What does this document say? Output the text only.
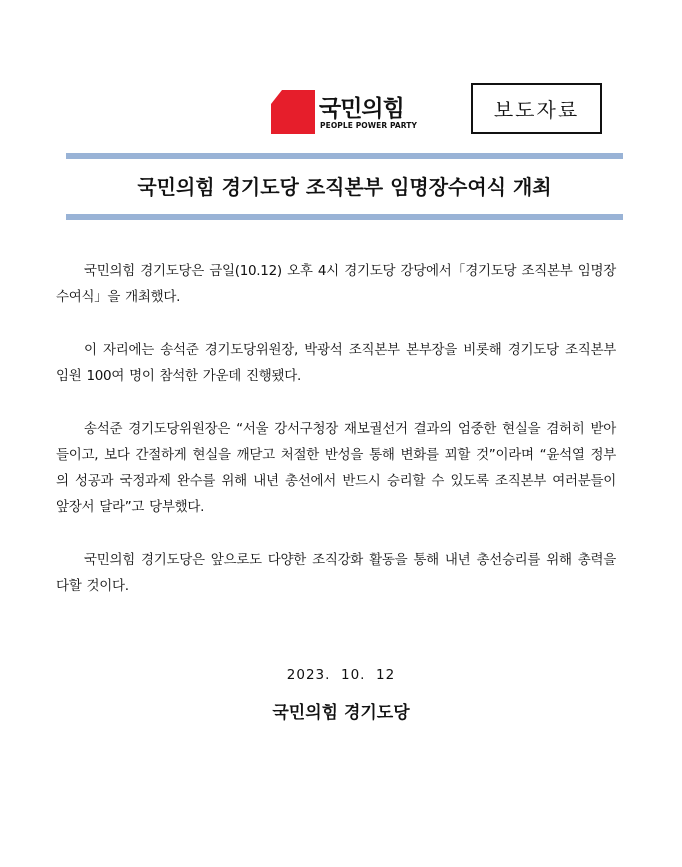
국민의힘
PEOPLE POWER PARTY
보도자료
국민의힘 경기도당 조직본부 임명장수여식 개최

국민의힘 경기도당은 금일(10.12) 오후 4시 경기도당 강당에서「경기도당 조직본부 임명장 수여식」을 개최했다.

이 자리에는 송석준 경기도당위원장, 박광석 조직본부 본부장을 비롯해 경기도당 조직본부 임원 100여 명이 참석한 가운데 진행됐다.

송석준 경기도당위원장은 “서울 강서구청장 재보궐선거 결과의 엄중한 현실을 겸허히 받아들이고, 보다 간절하게 현실을 깨닫고 처절한 반성을 통해 변화를 꾀할 것”이라며 “윤석열 정부의 성공과 국정과제 완수를 위해 내년 총선에서 반드시 승리할 수 있도록 조직본부 여러분들이 앞장서 달라”고 당부했다.

국민의힘 경기도당은 앞으로도 다양한 조직강화 활동을 통해 내년 총선승리를 위해 총력을 다할 것이다.

2023.  10.  12
국민의힘 경기도당
